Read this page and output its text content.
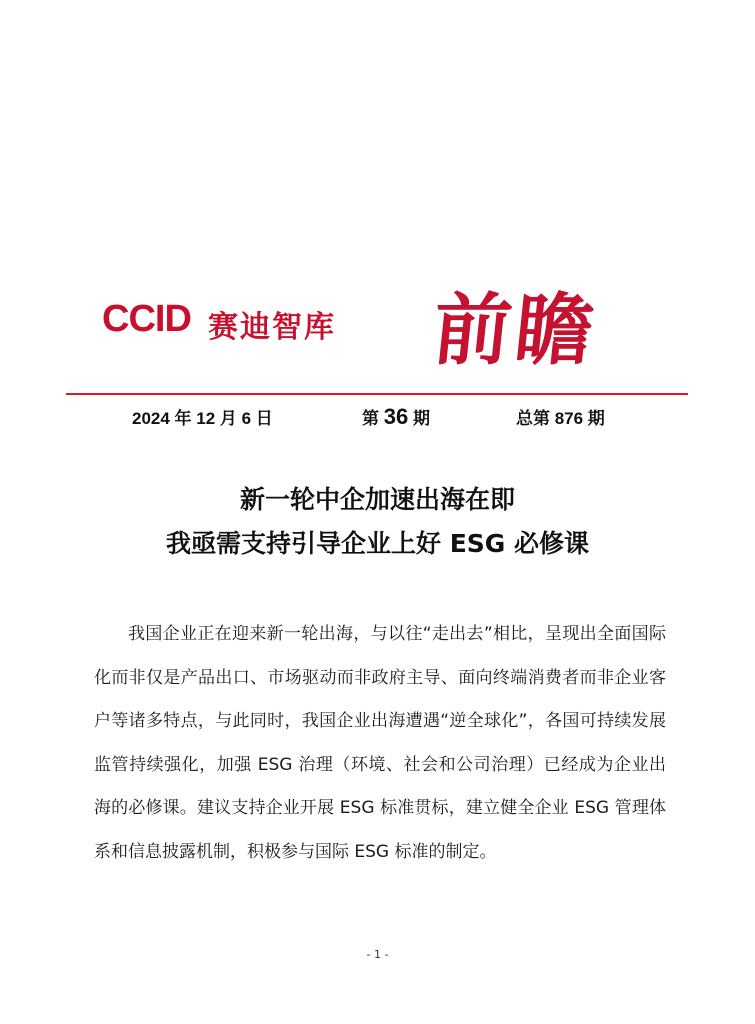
CCID 赛迪智库 前瞻
2024 年 12 月 6 日	第 36 期	总第 876 期
新一轮中企加速出海在即
我亟需支持引导企业上好 ESG 必修课

我国企业正在迎来新一轮出海，与以往“走出去”相比，呈现出全面国际化而非仅是产品出口、市场驱动而非政府主导、面向终端消费者而非企业客户等诸多特点，与此同时，我国企业出海遭遇“逆全球化”，各国可持续发展监管持续强化，加强 ESG 治理（环境、社会和公司治理）已经成为企业出海的必修课。建议支持企业开展 ESG 标准贯标，建立健全企业 ESG 管理体系和信息披露机制，积极参与国际 ESG 标准的制定。

- 1 -
